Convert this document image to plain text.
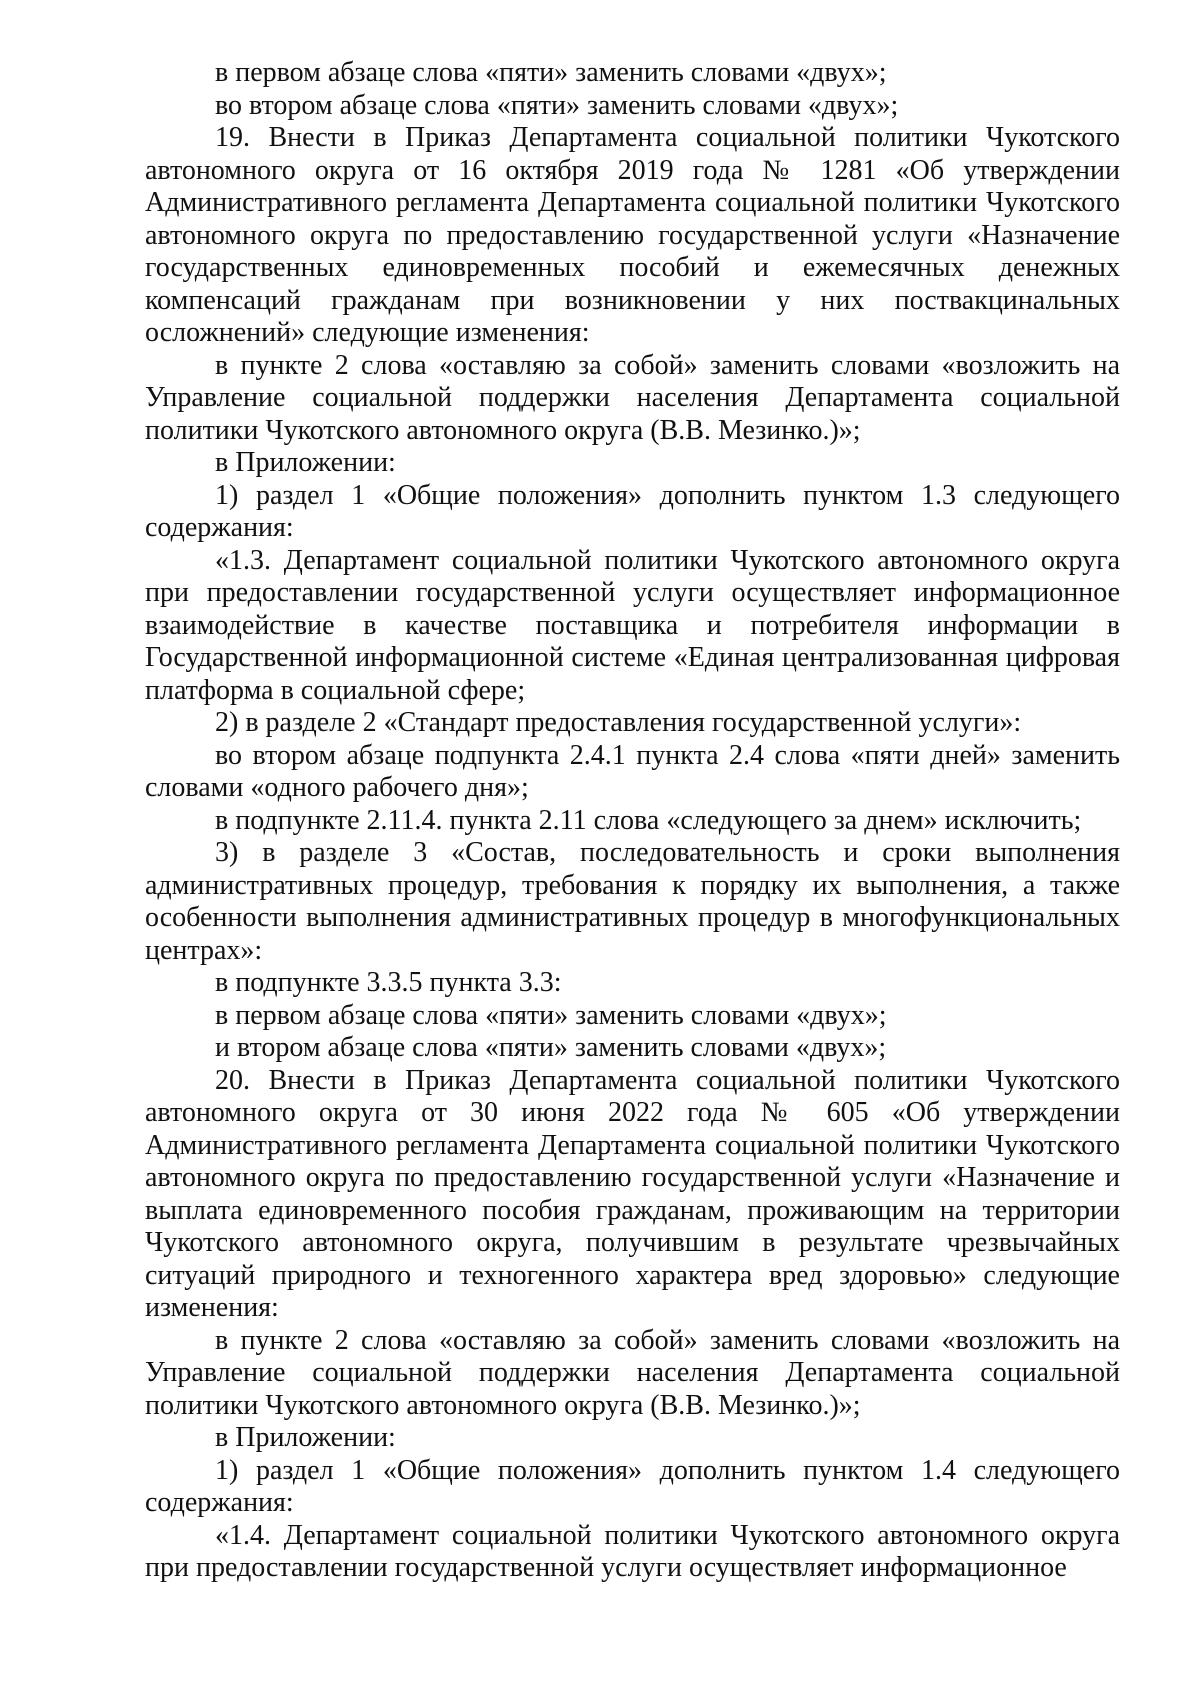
в первом абзаце слова «пяти» заменить словами «двух»;

во втором абзаце слова «пяти» заменить словами «двух»;

19. Внести в Приказ Департамента социальной политики Чукотского автономного округа от 16 октября 2019 года № 1281 «Об утверждении Административного регламента Департамента социальной политики Чукотского автономного округа по предоставлению государственной услуги «Назначение государственных единовременных пособий и ежемесячных денежных компенсаций гражданам при возникновении у них поствакцинальных осложнений» следующие изменения:

в пункте 2 слова «оставляю за собой» заменить словами «возложить на Управление социальной поддержки населения Департамента социальной политики Чукотского автономного округа (В.В. Мезинко.)»;

в Приложении:

1) раздел 1 «Общие положения» дополнить пунктом 1.3 следующего содержания:

«1.3. Департамент социальной политики Чукотского автономного округа при предоставлении государственной услуги осуществляет информационное взаимодействие в качестве поставщика и потребителя информации в Государственной информационной системе «Единая централизованная цифровая платформа в социальной сфере;

2) в разделе 2 «Стандарт предоставления государственной услуги»:

во втором абзаце подпункта 2.4.1 пункта 2.4 слова «пяти дней» заменить словами «одного рабочего дня»;

в подпункте 2.11.4. пункта 2.11 слова «следующего за днем» исключить;

3) в разделе 3 «Состав, последовательность и сроки выполнения административных процедур, требования к порядку их выполнения, а также особенности выполнения административных процедур в многофункциональных центрах»:

в подпункте 3.3.5 пункта 3.3:

в первом абзаце слова «пяти» заменить словами «двух»;

и втором абзаце слова «пяти» заменить словами «двух»;

20. Внести в Приказ Департамента социальной политики Чукотского автономного округа от 30 июня 2022 года № 605 «Об утверждении Административного регламента Департамента социальной политики Чукотского автономного округа по предоставлению государственной услуги «Назначение и выплата единовременного пособия гражданам, проживающим на территории Чукотского автономного округа, получившим в результате чрезвычайных ситуаций природного и техногенного характера вред здоровью» следующие изменения:

в пункте 2 слова «оставляю за собой» заменить словами «возложить на Управление социальной поддержки населения Департамента социальной политики Чукотского автономного округа (В.В. Мезинко.)»;

в Приложении:

1) раздел 1 «Общие положения» дополнить пунктом 1.4 следующего содержания:

«1.4. Департамент социальной политики Чукотского автономного округа при предоставлении государственной услуги осуществляет информационное
